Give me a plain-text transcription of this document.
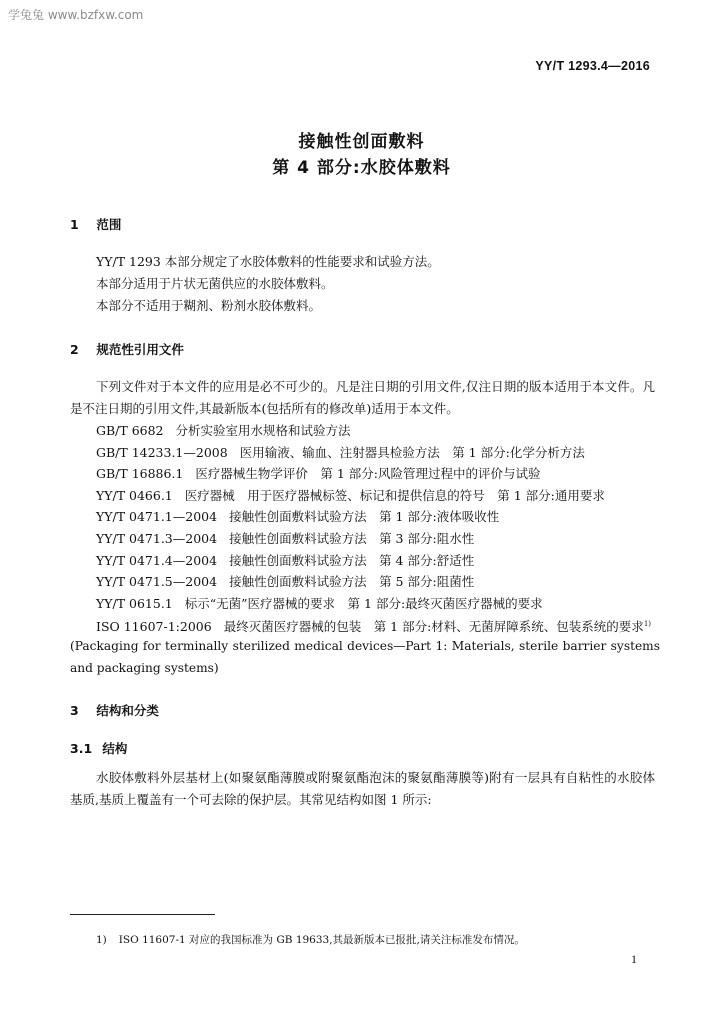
学兔兔 www.bzfxw.com
YY/T 1293.4—2016
接触性创面敷料
第 4 部分:水胶体敷料
1 范围
YY/T 1293 本部分规定了水胶体敷料的性能要求和试验方法。
本部分适用于片状无菌供应的水胶体敷料。
本部分不适用于糊剂、粉剂水胶体敷料。
2 规范性引用文件
下列文件对于本文件的应用是必不可少的。凡是注日期的引用文件,仅注日期的版本适用于本文件。凡是不注日期的引用文件,其最新版本(包括所有的修改单)适用于本文件。
GB/T 6682 分析实验室用水规格和试验方法
GB/T 14233.1—2008 医用输液、输血、注射器具检验方法　第 1 部分:化学分析方法
GB/T 16886.1 医疗器械生物学评价　第 1 部分:风险管理过程中的评价与试验
YY/T 0466.1 医疗器械　用于医疗器械标签、标记和提供信息的符号　第 1 部分:通用要求
YY/T 0471.1—2004 接触性创面敷料试验方法　第 1 部分:液体吸收性
YY/T 0471.3—2004 接触性创面敷料试验方法　第 3 部分:阻水性
YY/T 0471.4—2004 接触性创面敷料试验方法　第 4 部分:舒适性
YY/T 0471.5—2004 接触性创面敷料试验方法　第 5 部分:阻菌性
YY/T 0615.1 标示“无菌”医疗器械的要求　第 1 部分:最终灭菌医疗器械的要求
ISO 11607-1:2006 最终灭菌医疗器械的包装　第 1 部分:材料、无菌屏障系统、包装系统的要求$^{1)}$
(Packaging for terminally sterilized medical devices—Part 1: Materials, sterile barrier systems and packaging systems)
3 结构和分类
3.1 结构
水胶体敷料外层基材上(如聚氨酯薄膜或附聚氨酯泡沫的聚氨酯薄膜等)附有一层具有自粘性的水胶体基质,基质上覆盖有一个可去除的保护层。其常见结构如图 1 所示:
1) ISO 11607-1 对应的我国标准为 GB 19633,其最新版本已报批,请关注标准发布情况。
1
